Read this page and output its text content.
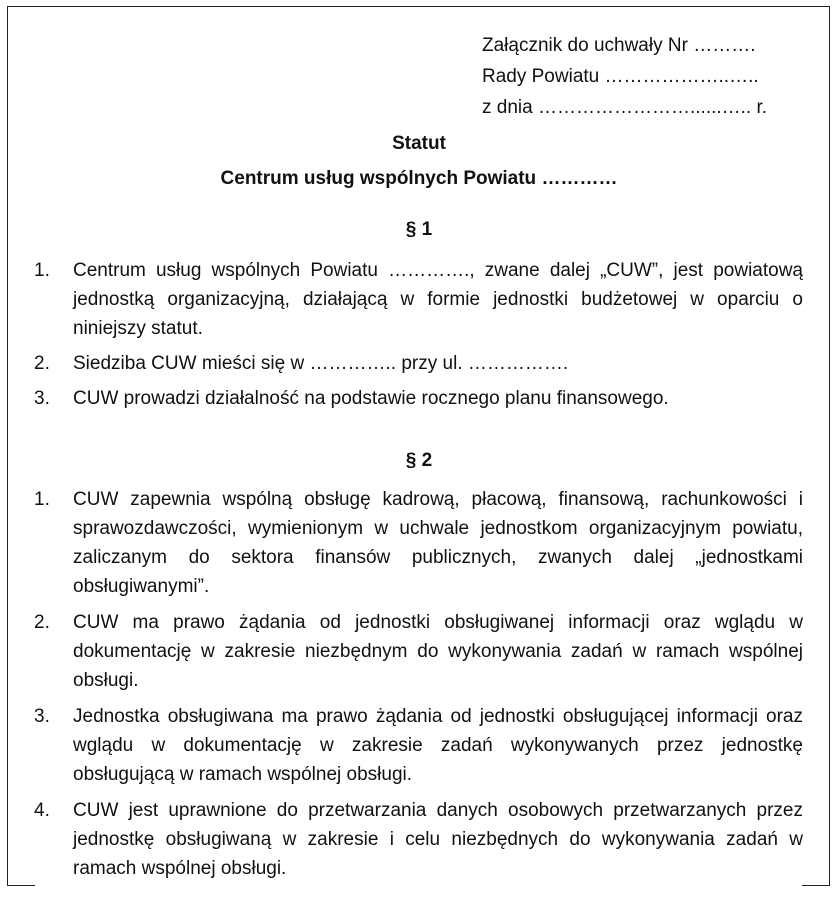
Załącznik do uchwały Nr ……….
Rady Powiatu ………………..…..
z dnia ……………………......….. r.
Statut
Centrum usług wspólnych Powiatu …………
§ 1
1. Centrum usług wspólnych Powiatu …………., zwane dalej „CUW”, jest powiatową jednostką organizacyjną, działającą w formie jednostki budżetowej w oparciu o niniejszy statut.
2. Siedziba CUW mieści się w ………….. przy ul. …………….
3. CUW prowadzi działalność na podstawie rocznego planu finansowego.
§ 2
1. CUW zapewnia wspólną obsługę kadrową, płacową, finansową, rachunkowości i sprawozdawczości, wymienionym w uchwale jednostkom organizacyjnym powiatu, zaliczanym do sektora finansów publicznych, zwanych dalej „jednostkami obsługiwanymi”.
2. CUW ma prawo żądania od jednostki obsługiwanej informacji oraz wglądu w dokumentację w zakresie niezbędnym do wykonywania zadań w ramach wspólnej obsługi.
3. Jednostka obsługiwana ma prawo żądania od jednostki obsługującej informacji oraz wglądu w dokumentację w zakresie zadań wykonywanych przez jednostkę obsługującą w ramach wspólnej obsługi.
4. CUW jest uprawnione do przetwarzania danych osobowych przetwarzanych przez jednostkę obsługiwaną w zakresie i celu niezbędnych do wykonywania zadań w ramach wspólnej obsługi.
